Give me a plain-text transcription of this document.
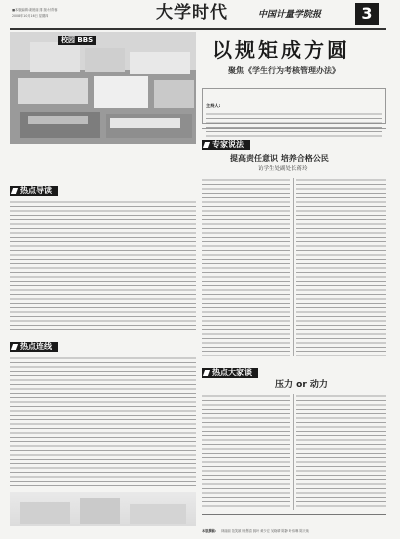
■本版编辑:姜晨丽 排 版:付青蓉
2008年10月16日 星期四	大学时代	中国计量学院报	3
校园 BBS	以规矩成方圆
聚焦《学生行为考核管理办法》
主持人:
专家说法
提高责任意识 培养合格公民
访学生处副处长蒋玲
热点导读
热点连线
热点大家谈
压力 or 动力
本版撰稿: 林丽丽 范笑颖 杨慧清 姚叶 黄少宏 吴晓晴 陈静 叶伟琳 陈天纯
